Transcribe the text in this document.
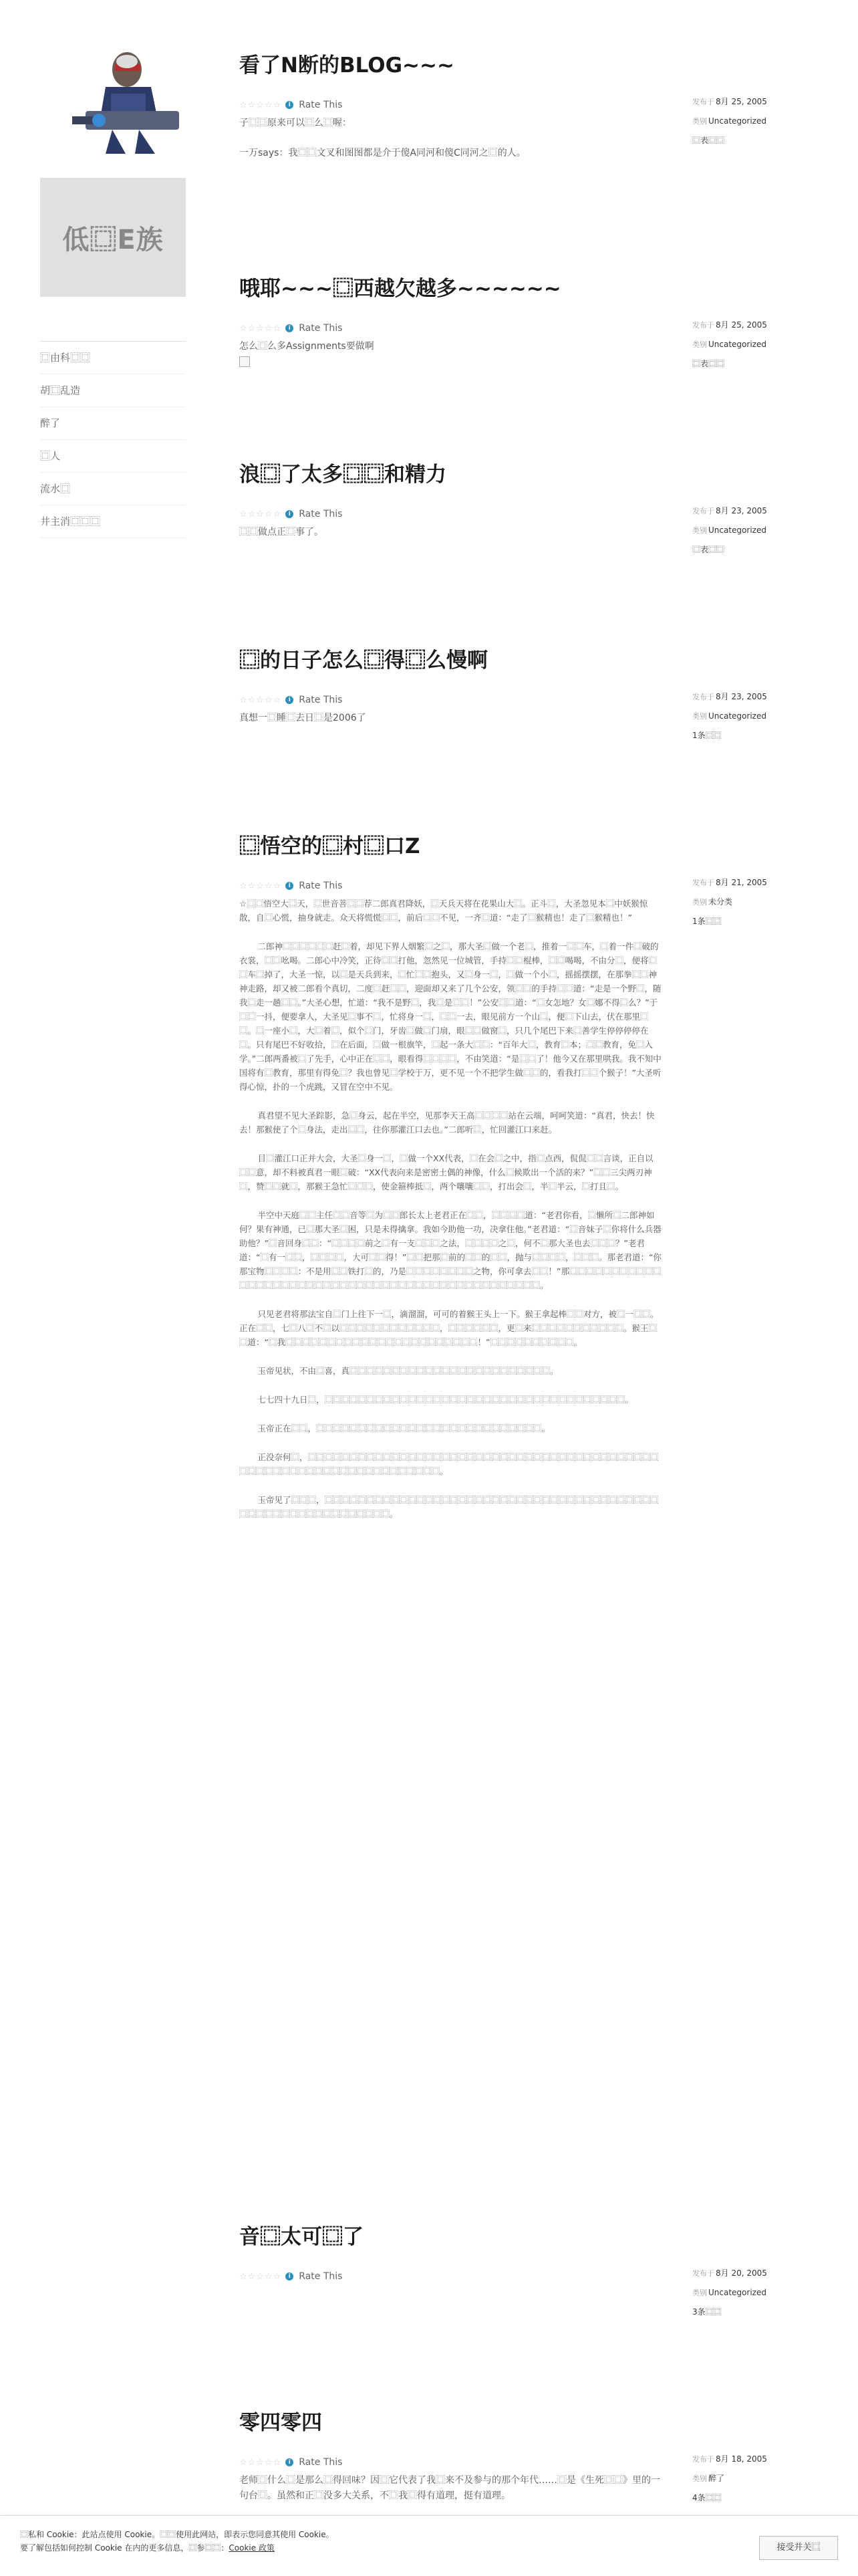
低⿴E族
⿴由科⿴⿴
胡⿴乱造
醉了
⿴人
流水⿴
井主消⿴⿴⿴
看了N断的BLOG~~~
☆☆☆☆☆	i Rate This

子⿴⿴原来可以⿴么⿴喔：

一万says：我⿴⿴文叉和图图都是介于傻A同河和傻C同河之⿴的人。

发布于 8月 25, 2005
类别 Uncategorized
⿴表⿴⿴
哦耶~~~⿴西越欠越多~~~~~~
☆☆☆☆☆	i Rate This

怎么⿴么多Assignments要做啊

发布于 8月 25, 2005
类别 Uncategorized
⿴表⿴⿴
浪⿴了太多⿴⿴和精力
☆☆☆☆☆	i Rate This

⿴⿴做点正⿴事了。

发布于 8月 23, 2005
类别 Uncategorized
⿴表⿴⿴
⿴的日子怎么⿴得⿴么慢啊
☆☆☆☆☆	i Rate This

真想一⿴睡⿴去日⿴是2006了

发布于 8月 23, 2005
类别 Uncategorized
1条⿴⿴
⿴悟空的⿴村⿴口Z
☆☆☆☆☆	i Rate This

☆⿴⿴悟空大⿴天，⿴世音菩⿴⿴荐二郎真君降妖，⿴天兵天将在花果山大⿴。正斗⿴，大圣忽见本⿴中妖猴惊散，自⿴心慌，抽身就走。众天将慌慌⿴⿴，前后⿴⿴不见，一齐⿴道：“走了⿴猴精也！走了⿴猴精也！”

二郎神⿴⿴⿴⿴⿴⿴赶⿴着，却见下界人烟繁⿴之⿴，那大圣⿴做一个老⿴，推着一⿴⿴车，⿴着一件⿴破的衣裳，⿴⿴吆喝。二郎心中冷笑，正待⿴⿴打他，忽然见一位城管，手持⿴⿴棍棒，⿴⿴喝喝，不由分⿴，便将⿴⿴车⿴掉了，大圣一惊，以⿴是天兵到来，⿴忙⿴⿴抱头，又⿴身一⿴，⿴做一个小⿴，摇摇摆摆，在那拳⿴⿴神神走路，却又被二郎看个真切，二度⿴赶⿴⿴，迎面却又来了几个公安，领⿴⿴的手持⿴⿴道：“走是一个野⿴，随我⿴走一趟⿴⿴。”大圣心想，忙道：“我不是野⿴，我⿴是⿴⿴！”公安⿴⿴道：“⿴女怎地？女⿴娜不得⿴么？”于⿴⿴一抖，便要拿人，大圣见⿴事不⿴，忙将身一⿴，⿴⿴一去，眼见前方一个山⿴，便⿴下山去，伏在那里⿴⿴。⿴一座小⿴，大⿴着⿴，似个⿴门，牙齿⿴做⿴门扇，眼⿴⿴做窗⿴，只几个尾巴下来⿴善学生停停停停在⿴。只有尾巴不好收拾，⿴在后面，⿴做一根旗竿，⿴起一条大⿴⿴：“百年大⿴，教育⿴本；⿴⿴教育，免⿴入学。”二郎两番被⿴了先手，心中正在⿴⿴，眼看得⿴⿴⿴⿴，不由笑道：“是⿴⿴了！他今又在那里哄我。我不知中国将有⿴教育，那里有得免⿴？我也曾见⿴学校于万，更不见一个不把学生做⿴⿴的，看我打⿴⿴个猴子！”大圣听得心惊，扑的一个虎跳，又冒在空中不见。

真君望不见大圣踪影，急⿴身云，起在半空，见那李天王高⿴⿴⿴⿴站在云端，呵呵笑道：“真君，快去！快去！那猴使了个⿴身法，走出⿴⿴，往你那灌江口去也。”二郎听⿴，忙回灌江口来赶。

目⿴灌江口正并大会，大圣⿴身一⿴，⿴做一个XX代表，⿴在会⿴之中，指⿴点西，侃侃⿴⿴言谈，正自以⿴⿴意，却不料被真君一眼⿴破：“XX代表向来是密密土偶的神像，什么⿴候欺出一个活的来？”⿴⿴三尖两刃神⿴，赞⿴⿴就⿴，那猴王急忙⿴⿴⿴，使金箍棒抵⿴，两个嚷嚷⿴⿴，打出会⿴，半⿴半云，⿴打且⿴。

半空中天庭⿴⿴主任⿴⿴音等⿴为⿴⿴郎长太上老君正在⿴⿴，⿴⿴⿴⿴道：“老君你看，⿴懒所⿴二郎神如何？果有神通，已⿴那大圣⿴困，只是未得擒拿。我如今助他一功，决拿住他。”老君道：“⿴音妹子⿴你将什么兵器助他？”⿴音回身⿴⿴：“⿴⿴⿴⿴前之⿴有一支⿴⿴⿴之法，⿴⿴⿴⿴之⿴，何不⿴那大圣也去⿴⿴⿴？”老君道：“⿴有一⿴⿴，⿴⿴⿴⿴，大可⿴⿴得！”⿴⿴把那⿴前的⿴⿴的⿴⿴，抛与⿴⿴⿴⿴，⿴⿴⿴。那老君道：“你那宝物⿴⿴⿴⿴：不是用⿴⿴铁打⿴的，乃是⿴⿴⿴⿴⿴⿴⿴⿴之物，你可拿去⿴⿴！”那⿴⿴⿴⿴⿴⿴⿴⿴⿴⿴⿴⿴⿴⿴⿴⿴⿴⿴⿴⿴⿴⿴⿴⿴⿴⿴⿴⿴⿴⿴⿴⿴⿴⿴⿴⿴⿴⿴⿴⿴⿴⿴⿴⿴⿴⿴⿴。

只见老君将那法宝自⿴门上往下一⿴，滴溜溜，可可的着猴王头上一下。猴王拿起棒⿴⿴对方，被⿴一⿴⿴。正在⿴⿴，七⿴八⿴不⿴以⿴⿴⿴⿴⿴⿴⿴⿴⿴⿴⿴⿴，⿴⿴⿴⿴⿴⿴，更⿴来⿴⿴⿴⿴⿴⿴⿴⿴⿴⿴⿴。猴王⿴⿴道：“⿴我⿴⿴⿴⿴⿴⿴⿴⿴⿴⿴⿴⿴⿴⿴⿴⿴⿴⿴⿴⿴⿴⿴⿴！”⿴⿴⿴⿴⿴⿴⿴⿴⿴⿴。

玉帝见状，不由⿴喜，真⿴⿴⿴⿴⿴⿴⿴⿴⿴⿴⿴⿴⿴⿴⿴⿴⿴⿴⿴⿴⿴⿴⿴⿴。

七七四十九日⿴，⿴⿴⿴⿴⿴⿴⿴⿴⿴⿴⿴⿴⿴⿴⿴⿴⿴⿴⿴⿴⿴⿴⿴⿴⿴⿴⿴⿴⿴⿴⿴⿴⿴⿴⿴⿴。

玉帝正在⿴⿴，⿴⿴⿴⿴⿴⿴⿴⿴⿴⿴⿴⿴⿴⿴⿴⿴⿴⿴⿴⿴⿴⿴⿴⿴⿴⿴⿴。

正没奈何⿴，⿴⿴⿴⿴⿴⿴⿴⿴⿴⿴⿴⿴⿴⿴⿴⿴⿴⿴⿴⿴⿴⿴⿴⿴⿴⿴⿴⿴⿴⿴⿴⿴⿴⿴⿴⿴⿴⿴⿴⿴⿴⿴⿴⿴⿴⿴⿴⿴⿴⿴⿴⿴⿴⿴⿴⿴⿴⿴⿴⿴⿴⿴⿴⿴⿴⿴。

玉帝见了⿴⿴⿴，⿴⿴⿴⿴⿴⿴⿴⿴⿴⿴⿴⿴⿴⿴⿴⿴⿴⿴⿴⿴⿴⿴⿴⿴⿴⿴⿴⿴⿴⿴⿴⿴⿴⿴⿴⿴⿴⿴⿴⿴⿴⿴⿴⿴⿴⿴⿴⿴⿴⿴⿴⿴⿴⿴⿴⿴⿴⿴。

发布于 8月 21, 2005
类别 未分类
1条⿴⿴
音⿴太可⿴了
☆☆☆☆☆	i Rate This	发布于 8月 20, 2005
类别 Uncategorized
3条⿴⿴
零四零四
☆☆☆☆☆	i Rate This

老师⿴什么⿴是那么⿴得回味？因⿴它代表了我⿴来不及参与的那个年代……⿴是《生死⿴⿴》里的一句台⿴。虽然和正⿴没多大关系，不⿴我⿴得有道理，挺有道理。

发布于 8月 18, 2005
类别 醉了
4条⿴⿴
⿴私和 Cookie：此站点使用 Cookie。⿴⿴使用此网站，即表示您同意其使用 Cookie。
要了解包括如何控制 Cookie 在内的更多信息，⿴参⿴⿴：Cookie 政策	接受并关⿴
